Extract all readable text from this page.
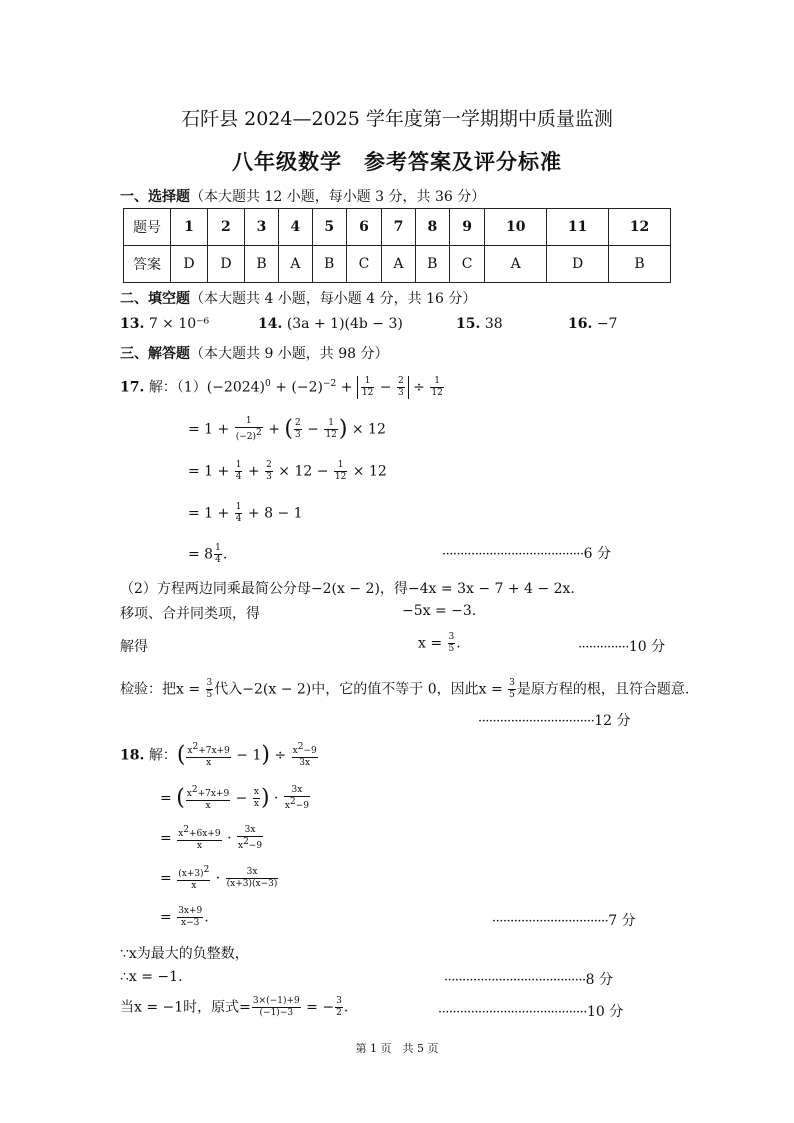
石阡县 2024—2025 学年度第一学期期中质量监测
八年级数学　参考答案及评分标准
一、选择题（本大题共 12 小题，每小题 3 分，共 36 分）
题号	1	2	3	4	5	6	7	8	9	10	11	12
答案	D	D	B	A	B	C	A	B	C	A	D	B
二、填空题（本大题共 4 小题，每小题 4 分，共 16 分）
13. 7 × 10⁻⁶	14. (3a + 1)(4b − 3)	15. 38	16. −7
三、解答题（本大题共 9 小题，共 98 分）
17. 解：$(1)(-2024)^0 + (-2)^{-2} + \frac{1}{12} - \frac{2}{3} \div \frac{1}{12}$
= $1 + \frac{1}{(-2)^2}$ + ( $\frac{2}{3} - \frac{1}{12}$ ) × 12
= $1 + \frac{1}{4} + \frac{2}{3} \times 12 - \frac{1}{12} \times 12$
= $1 + \frac{1}{4} + 8 - 1$
= $8 \frac{1}{4}$ .	·······································6 分
（2）方程两边同乘最简公分母−2(x − 2)，得−4x = 3x − 7 + 4 − 2x.
移项、合并同类项，得	−5x = −3.
解得	$x = \frac{3}{5}$ .	··············10 分
检验：把$x = \frac{3}{5}$ 代入−2(x − 2)中，它的值不等于 0，因此$x = \frac{3}{5}$ 是原方程的根，且符合题意.
································12 分
18. 解：( $\frac{x^2+7x+9}{x} - 1) \div \frac{x^2-9}{3x}$
= ( $\frac{x^2+7x+9}{x} - \frac{x}{x}$ ) · $\frac{3x}{x^2-9}$
= $\frac{x^2+6x+9}{x} \cdot \frac{3x}{x^2-9}$
= $\frac{(x+3)^2}{x} \cdot \frac{3x}{(x+3)(x-3)}$
= $\frac{3x+9}{x-3}$ .	································7 分
∵x为最大的负整数，
∴x = −1.	·······································8 分
当x = −1时，原式= $\frac{3\times(-1)+9}{(-1)-3}$ = − $\frac{3}{2}$ .	·········································10 分
第 1 页　共 5 页
